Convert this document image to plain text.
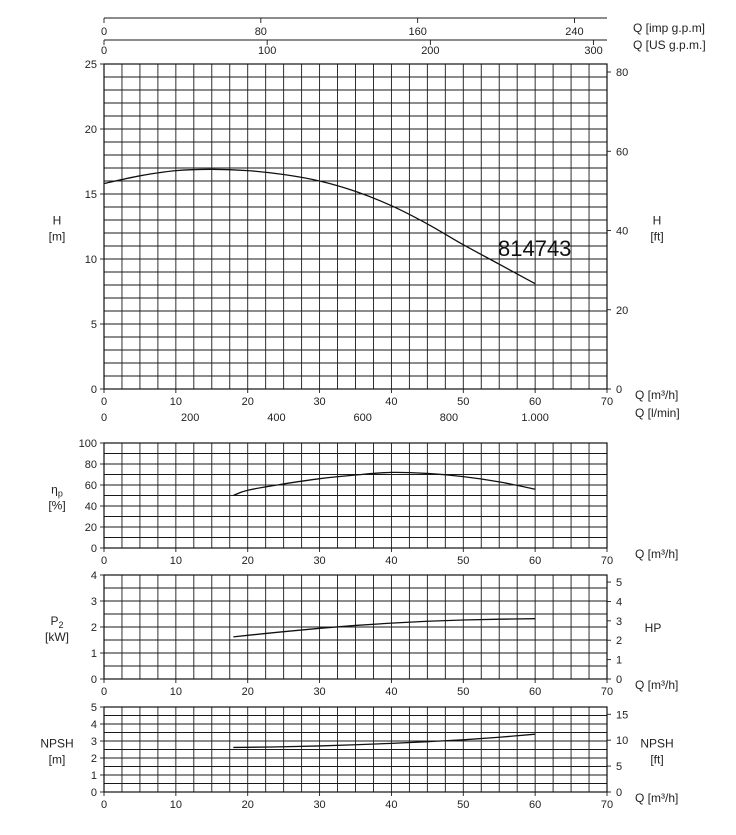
0	10	20	30	40	50	60	70
0
5
10
15
20
25
0
20
40
60
80
H
[m]
H
[ft]
Q [m³/h]
Q [l/min]
0	10	20	30	40	50	60	70
0
20
40
60
80
100
$\eta_p$
[%]
Q [m³/h]
0	10	20	30	40	50	60	70
0
1
2
3
4
0
1
2
3
4
5
$P_2$
[kW]
HP
Q [m³/h]
0	10	20	30	40	50	60	70
0
1
2
3
4
5
0
5
10
15
NPSH
[m]
NPSH
[ft]
Q [m³/h]
0	200	400	600	800	1.000
0	80	160	240	Q [imp g.p.m]
0	100	200	300	Q [US g.p.m.]
814743
